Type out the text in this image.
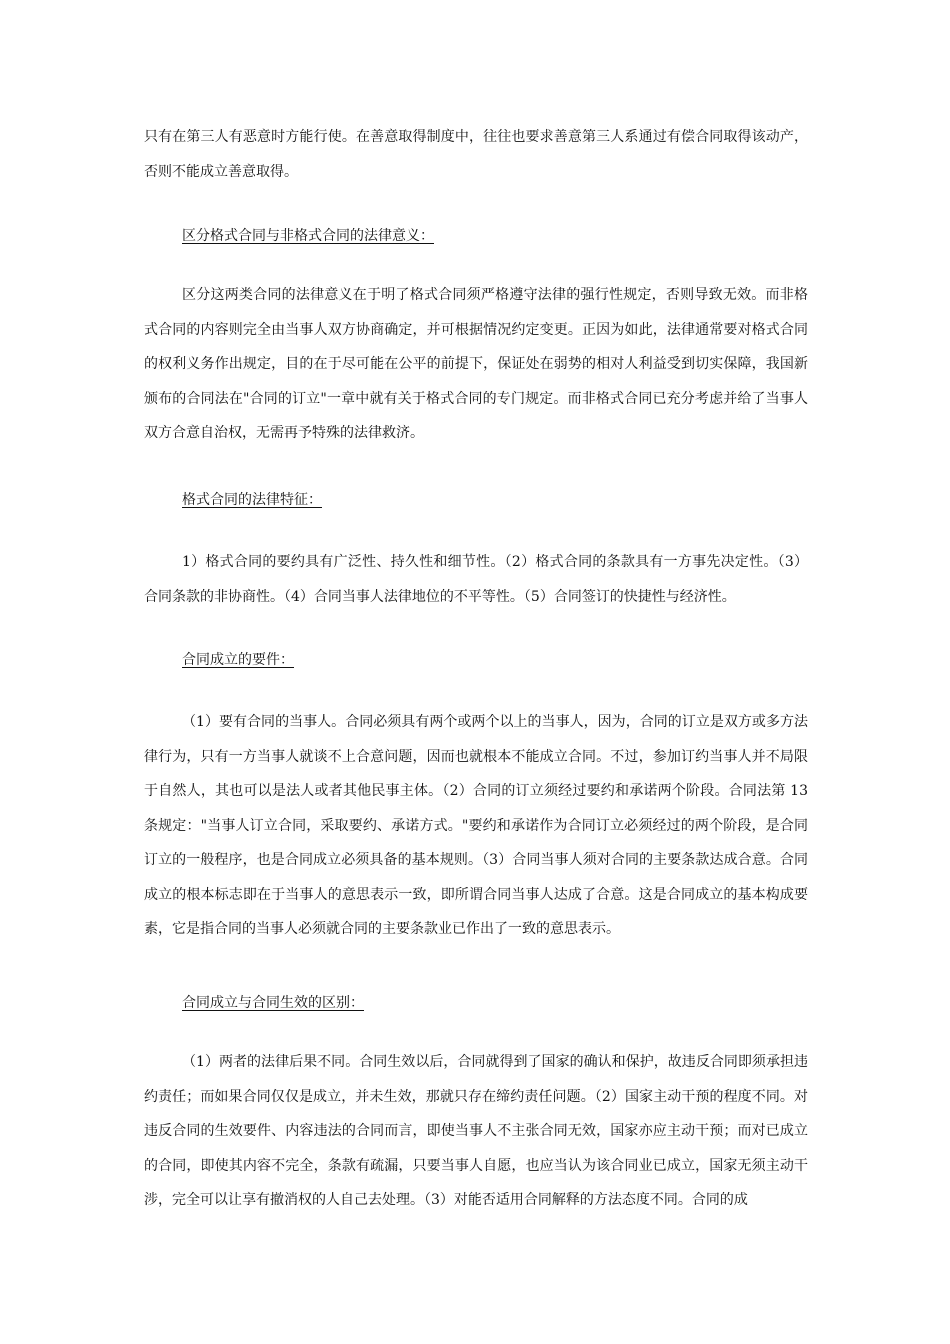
只有在第三人有恶意时方能行使。在善意取得制度中，往往也要求善意第三人系通过有偿合同取得该动产，否则不能成立善意取得。

区分格式合同与非格式合同的法律意义：

区分这两类合同的法律意义在于明了格式合同须严格遵守法律的强行性规定，否则导致无效。而非格式合同的内容则完全由当事人双方协商确定，并可根据情况约定变更。正因为如此，法律通常要对格式合同的权利义务作出规定，目的在于尽可能在公平的前提下，保证处在弱势的相对人利益受到切实保障，我国新颁布的合同法在"合同的订立"一章中就有关于格式合同的专门规定。而非格式合同已充分考虑并给了当事人双方合意自治权，无需再予特殊的法律救济。

格式合同的法律特征：

1）格式合同的要约具有广泛性、持久性和细节性。（2）格式合同的条款具有一方事先决定性。（3）合同条款的非协商性。（4）合同当事人法律地位的不平等性。（5）合同签订的快捷性与经济性。

合同成立的要件：

（1）要有合同的当事人。合同必须具有两个或两个以上的当事人，因为，合同的订立是双方或多方法律行为，只有一方当事人就谈不上合意问题，因而也就根本不能成立合同。不过，参加订约当事人并不局限于自然人，其也可以是法人或者其他民事主体。（2）合同的订立须经过要约和承诺两个阶段。合同法第 13 条规定："当事人订立合同，采取要约、承诺方式。"要约和承诺作为合同订立必须经过的两个阶段，是合同订立的一般程序，也是合同成立必须具备的基本规则。（3）合同当事人须对合同的主要条款达成合意。合同成立的根本标志即在于当事人的意思表示一致，即所谓合同当事人达成了合意。这是合同成立的基本构成要素，它是指合同的当事人必须就合同的主要条款业已作出了一致的意思表示。

合同成立与合同生效的区别：

（1）两者的法律后果不同。合同生效以后，合同就得到了国家的确认和保护，故违反合同即须承担违约责任；而如果合同仅仅是成立，并未生效，那就只存在缔约责任问题。（2）国家主动干预的程度不同。对违反合同的生效要件、内容违法的合同而言，即使当事人不主张合同无效，国家亦应主动干预；而对已成立的合同，即使其内容不完全，条款有疏漏，只要当事人自愿，也应当认为该合同业已成立，国家无须主动干涉，完全可以让享有撤消权的人自己去处理。（3）对能否适用合同解释的方法态度不同。合同的成
